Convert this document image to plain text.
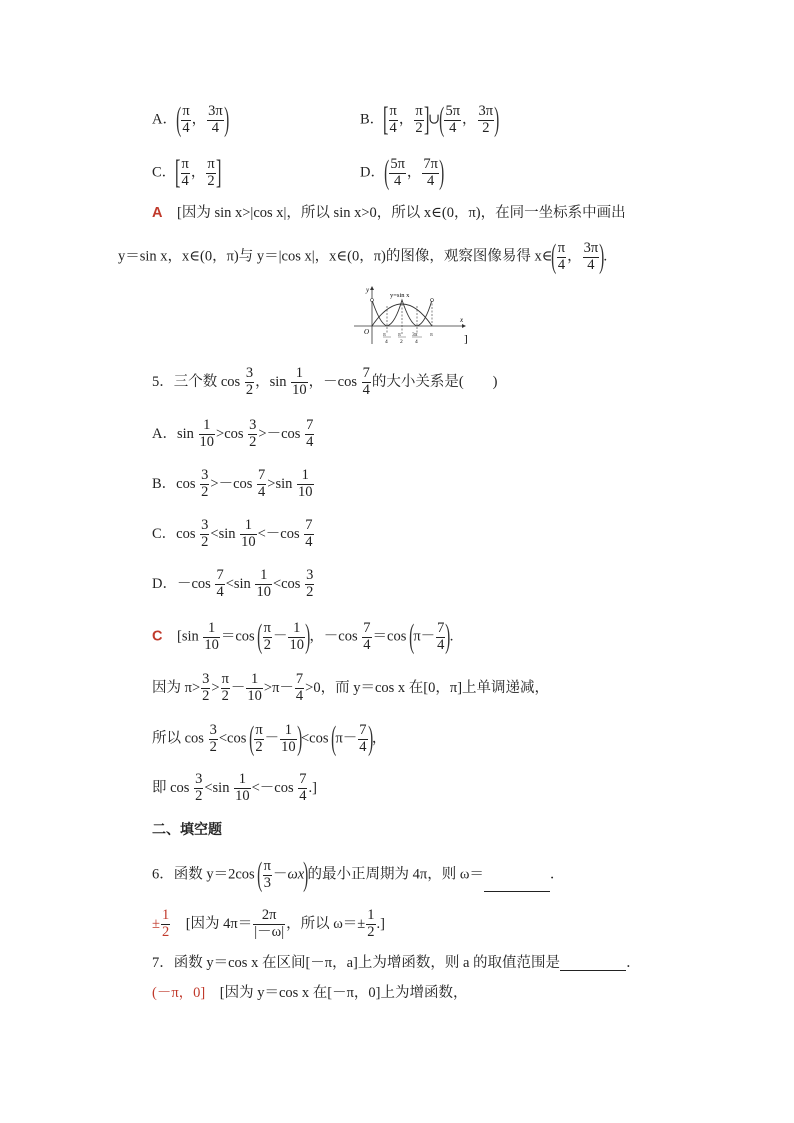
A．( $\frac{\pi}{4}$ ， $\frac{3\pi}{4}$ )	B．[ $\frac{\pi}{4}$ ， $\frac{\pi}{2}$ ]∪( $\frac{5\pi}{4}$ ， $\frac{3\pi}{2}$ )
C．[ $\frac{\pi}{4}$ ， $\frac{\pi}{2}$ ]	D．( $\frac{5\pi}{4}$ ， $\frac{7\pi}{4}$ )
A　 [因为 sin x>|cos x|，所以 sin x>0，所以 x∈(0，π)，在同一坐标系中画出
y＝sin x，x∈(0，π)与 y＝|cos x|，x∈(0，π)的图像，观察图像易得 x∈( $\frac{\pi}{4}$ ， $\frac{3\pi}{4}$ ).
y
x
O
y=sin x
π
4
π
2
3π
4
π	]
5．三个数 $\cos \frac{3}{2}$ ，$\sin \frac{1}{10}$ ，$-\cos \frac{7}{4}$ 的大小关系是(　　)
A．$\sin \frac{1}{10} >\cos \frac{3}{2} >-\cos \frac{7}{4}$
B．$\cos \frac{3}{2} >-\cos \frac{7}{4} >\sin \frac{1}{10}$
C．$\cos \frac{3}{2} <\sin \frac{1}{10} <-\cos \frac{7}{4}$
D．$-\cos \frac{7}{4} <\sin \frac{1}{10} <\cos \frac{3}{2}$
C　[$\sin \frac{1}{10} =\cos$ ( $\frac{\pi}{2} - \frac{1}{10}$ )，$-\cos \frac{7}{4} =\cos$ ($\pi- \frac{7}{4}$ ).
因为 $\pi> \frac{3}{2} > \frac{\pi}{2} - \frac{1}{10} >\pi- \frac{7}{4} >0$，而 y＝cos x 在[0，π]上单调递减，
所以 $\cos \frac{3}{2} <\cos$ ( $\frac{\pi}{2} - \frac{1}{10} )<\cos$ ($\pi- \frac{7}{4}$ )，
即 $\cos \frac{3}{2} <\sin \frac{1}{10} <-\cos \frac{7}{4}$ .]
二、填空题
6．函数 y＝2cos ( $\frac{\pi}{3} -\omega x$)的最小正周期为 4π，则 ω＝	．
± $\frac{1}{2}$
　 [因为 $4\pi= \frac{2\pi}{|-\omega|}$ ，所以 $\omega=\pm \frac{1}{2}$ .]
7．函数 y＝cos x 在区间[－π，a]上为增函数，则 a 的取值范围是	．
(－π，0]　 [因为 y＝cos x 在[－π，0]上为增函数，
